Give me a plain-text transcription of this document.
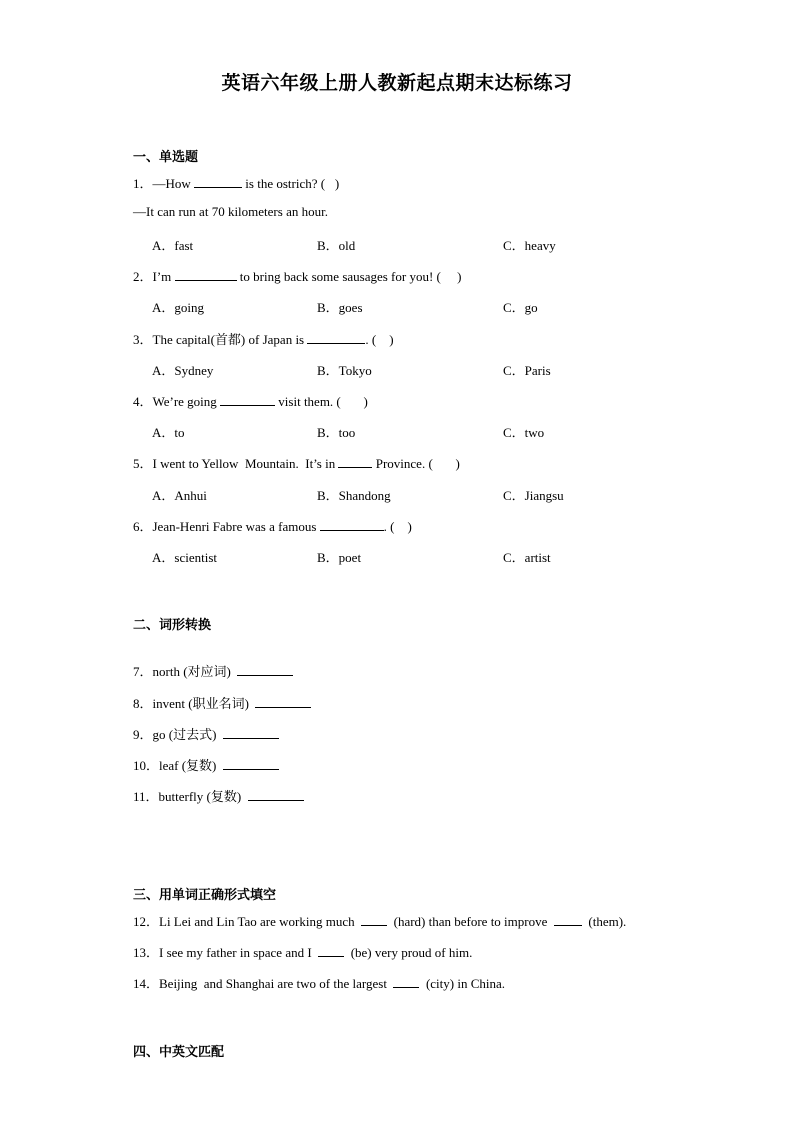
英语六年级上册人教新起点期末达标练习
一、单选题
1．—How	is the ostrich? (   )
—It can run at 70 kilometers an hour.
A．fast	B．old	C．heavy
2．I’m	to bring back some sausages for you! (     )
A．going	B．goes	C．go
3．The capital(首都) of Japan is	. (    )
A．Sydney	B．Tokyo	C．Paris
4．We’re going	visit them. (       )
A．to	B．too	C．two
5．I went to Yellow  Mountain.  It’s in	Province. (       )
A．Anhui	B．Shandong	C．Jiangsu
6．Jean-Henri Fabre was a famous	. (    )
A．scientist	B．poet	C．artist
二、词形转换
7．north (对应词)
8．invent (职业名词)
9．go (过去式)
10．leaf (复数)
11．butterfly (复数)
三、用单词正确形式填空
12．Li Lei and Lin Tao are working much    (hard) than before to improve    (them).
13．I see my father in space and I    (be) very proud of him.
14．Beijing  and Shanghai are two of the largest    (city) in China.
四、中英文匹配
